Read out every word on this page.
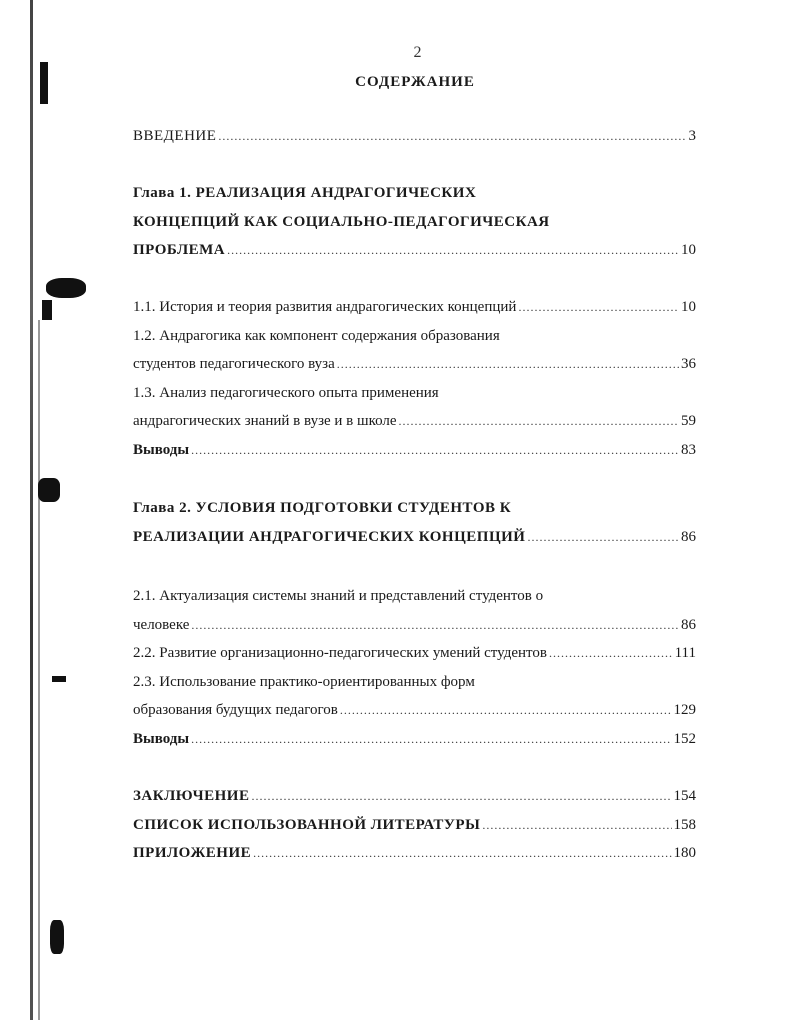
2
СОДЕРЖАНИЕ
ВВЕДЕНИЕ .....	3
Глава 1. РЕАЛИЗАЦИЯ АНДРАГОГИЧЕСКИХ
КОНЦЕПЦИЙ КАК СОЦИАЛЬНО-ПЕДАГОГИЧЕСКАЯ
ПРОБЛЕМА .....	10
1.1. История и теория развития андрагогических концепций .....	10
1.2. Андрагогика как компонент содержания образования
студентов педагогического вуза .....	36
1.3. Анализ педагогического опыта применения
андрагогических знаний в вузе и в школе .....	59
Выводы .....	83
Глава 2. УСЛОВИЯ ПОДГОТОВКИ СТУДЕНТОВ К
РЕАЛИЗАЦИИ АНДРАГОГИЧЕСКИХ КОНЦЕПЦИЙ .....	86
2.1. Актуализация системы знаний и представлений студентов о
человеке .....	86
2.2. Развитие организационно-педагогических умений студентов .....	111
2.3. Использование практико-ориентированных форм
образования будущих педагогов .....	129
Выводы .....	152
ЗАКЛЮЧЕНИЕ .....	154
СПИСОК ИСПОЛЬЗОВАННОЙ ЛИТЕРАТУРЫ .....	158
ПРИЛОЖЕНИЕ .....	180
